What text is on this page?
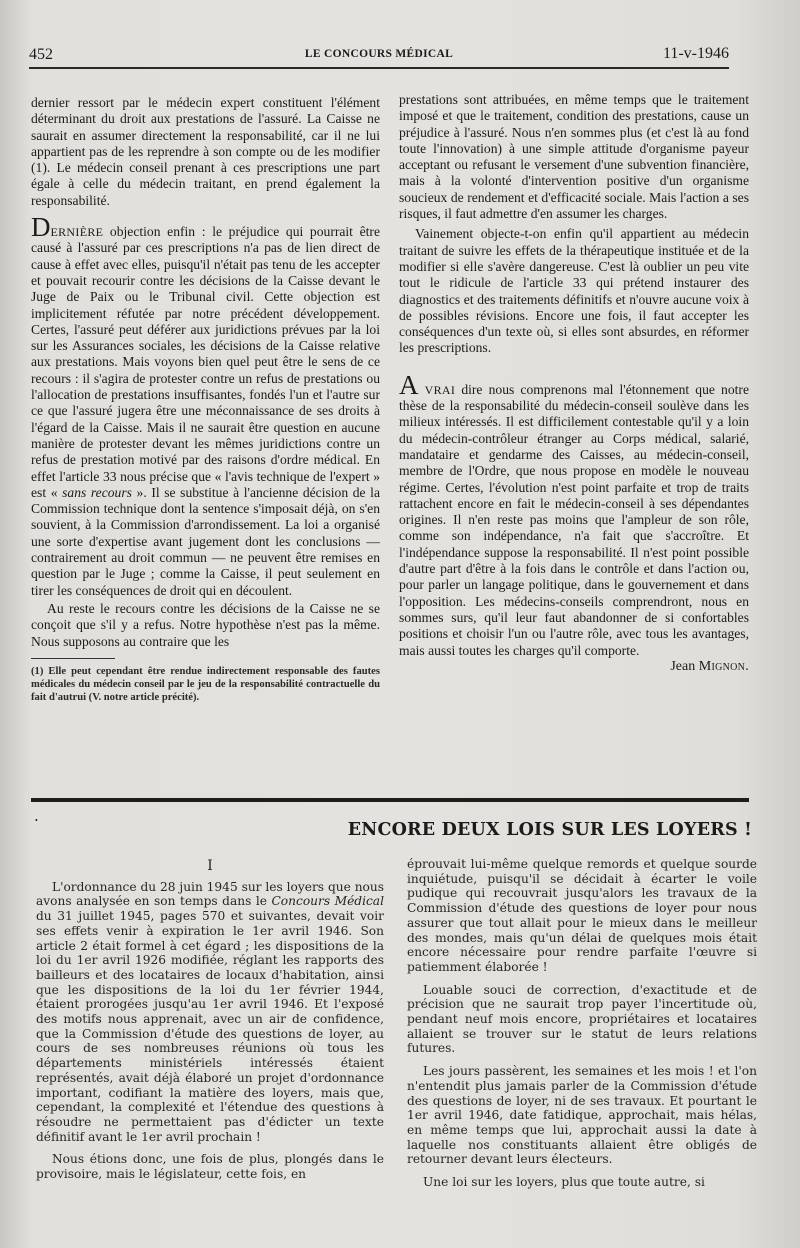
452	LE CONCOURS MÉDICAL	11-v-1946

dernier ressort par le médecin expert constituent l'élément déterminant du droit aux prestations de l'assuré. La Caisse ne saurait en assumer directement la responsabilité, car il ne lui appartient pas de les reprendre à son compte ou de les modifier (1). Le médecin conseil prenant à ces prescriptions une part égale à celle du médecin traitant, en prend également la responsabilité.

DERNIÈRE objection enfin : le préjudice qui pourrait être causé à l'assuré par ces prescriptions n'a pas de lien direct de cause à effet avec elles, puisqu'il n'était pas tenu de les accepter et pouvait recourir contre les décisions de la Caisse devant le Juge de Paix ou le Tribunal civil. Cette objection est implicitement réfutée par notre précédent développement. Certes, l'assuré peut déférer aux juridictions prévues par la loi sur les Assurances sociales, les décisions de la Caisse relative aux prestations. Mais voyons bien quel peut être le sens de ce recours : il s'agira de protester contre un refus de prestations ou l'allocation de prestations insuffisantes, fondés l'un et l'autre sur ce que l'assuré jugera être une méconnaissance de ses droits à l'égard de la Caisse. Mais il ne saurait être question en aucune manière de protester devant les mêmes juridictions contre un refus de prestation motivé par des raisons d'ordre médical. En effet l'article 33 nous précise que « l'avis technique de l'expert » est « sans recours ». Il se substitue à l'ancienne décision de la Commission technique dont la sentence s'imposait déjà, on s'en souvient, à la Commission d'arrondissement. La loi a organisé une sorte d'expertise avant jugement dont les conclusions — contrairement au droit commun — ne peuvent être remises en question par le Juge ; comme la Caisse, il peut seulement en tirer les conséquences de droit qui en découlent.

Au reste le recours contre les décisions de la Caisse ne se conçoit que s'il y a refus. Notre hypothèse n'est pas la même. Nous supposons au contraire que les

(1) Elle peut cependant être rendue indirectement responsable des fautes médicales du médecin conseil par le jeu de la responsabilité contractuelle du fait d'autrui (V. notre article précité).

prestations sont attribuées, en même temps que le traitement imposé et que le traitement, condition des prestations, cause un préjudice à l'assuré. Nous n'en sommes plus (et c'est là au fond toute l'innovation) à une simple attitude d'organisme payeur acceptant ou refusant le versement d'une subvention financière, mais à la volonté d'intervention positive d'un organisme soucieux de rendement et d'efficacité sociale. Mais l'action a ses risques, il faut admettre d'en assumer les charges.

Vainement objecte-t-on enfin qu'il appartient au médecin traitant de suivre les effets de la thérapeutique instituée et de la modifier si elle s'avère dangereuse. C'est là oublier un peu vite tout le ridicule de l'article 33 qui prétend instaurer des diagnostics et des traitements définitifs et n'ouvre aucune voix à de possibles révisions. Encore une fois, il faut accepter les conséquences d'un texte où, si elles sont absurdes, en réformer les prescriptions.

A VRAI dire nous comprenons mal l'étonnement que notre thèse de la responsabilité du médecin-conseil soulève dans les milieux intéressés. Il est difficilement contestable qu'il y a loin du médecin-contrôleur étranger au Corps médical, salarié, mandataire et gendarme des Caisses, au médecin-conseil, membre de l'Ordre, que nous propose en modèle le nouveau régime. Certes, l'évolution n'est point parfaite et trop de traits rattachent encore en fait le médecin-conseil à ses dépendantes origines. Il n'en reste pas moins que l'ampleur de son rôle, comme son indépendance, n'a fait que s'accroître. Et l'indépendance suppose la responsabilité. Il n'est point possible d'autre part d'être à la fois dans le contrôle et dans l'action ou, pour parler un langage politique, dans le gouvernement et dans l'opposition. Les médecins-conseils comprendront, nous en sommes surs, qu'il leur faut abandonner de si confortables positions et choisir l'un ou l'autre rôle, avec tous les avantages, mais aussi toutes les charges qu'il comporte.

Jean Mignon.

•	ENCORE DEUX LOIS SUR LES LOYERS !
I

L'ordonnance du 28 juin 1945 sur les loyers que nous avons analysée en son temps dans le Concours Médical du 31 juillet 1945, pages 570 et suivantes, devait voir ses effets venir à expiration le 1er avril 1946. Son article 2 était formel à cet égard ; les dispositions de la loi du 1er avril 1926 modifiée, réglant les rapports des bailleurs et des locataires de locaux d'habitation, ainsi que les dispositions de la loi du 1er février 1944, étaient prorogées jusqu'au 1er avril 1946. Et l'exposé des motifs nous apprenait, avec un air de confidence, que la Commission d'étude des questions de loyer, au cours de ses nombreuses réunions où tous les départements ministériels intéressés étaient représentés, avait déjà élaboré un projet d'ordonnance important, codifiant la matière des loyers, mais que, cependant, la complexité et l'étendue des questions à résoudre ne permettaient pas d'édicter un texte définitif avant le 1er avril prochain !

Nous étions donc, une fois de plus, plongés dans le provisoire, mais le législateur, cette fois, en

éprouvait lui-même quelque remords et quelque sourde inquiétude, puisqu'il se décidait à écarter le voile pudique qui recouvrait jusqu'alors les travaux de la Commission d'étude des questions de loyer pour nous assurer que tout allait pour le mieux dans le meilleur des mondes, mais qu'un délai de quelques mois était encore nécessaire pour rendre parfaite l'œuvre si patiemment élaborée !

Louable souci de correction, d'exactitude et de précision que ne saurait trop payer l'incertitude où, pendant neuf mois encore, propriétaires et locataires allaient se trouver sur le statut de leurs relations futures.

Les jours passèrent, les semaines et les mois ! et l'on n'entendit plus jamais parler de la Commission d'étude des questions de loyer, ni de ses travaux. Et pourtant le 1er avril 1946, date fatidique, approchait, mais hélas, en même temps que lui, approchait aussi la date à laquelle nos constituants allaient être obligés de retourner devant leurs électeurs.

Une loi sur les loyers, plus que toute autre, si
